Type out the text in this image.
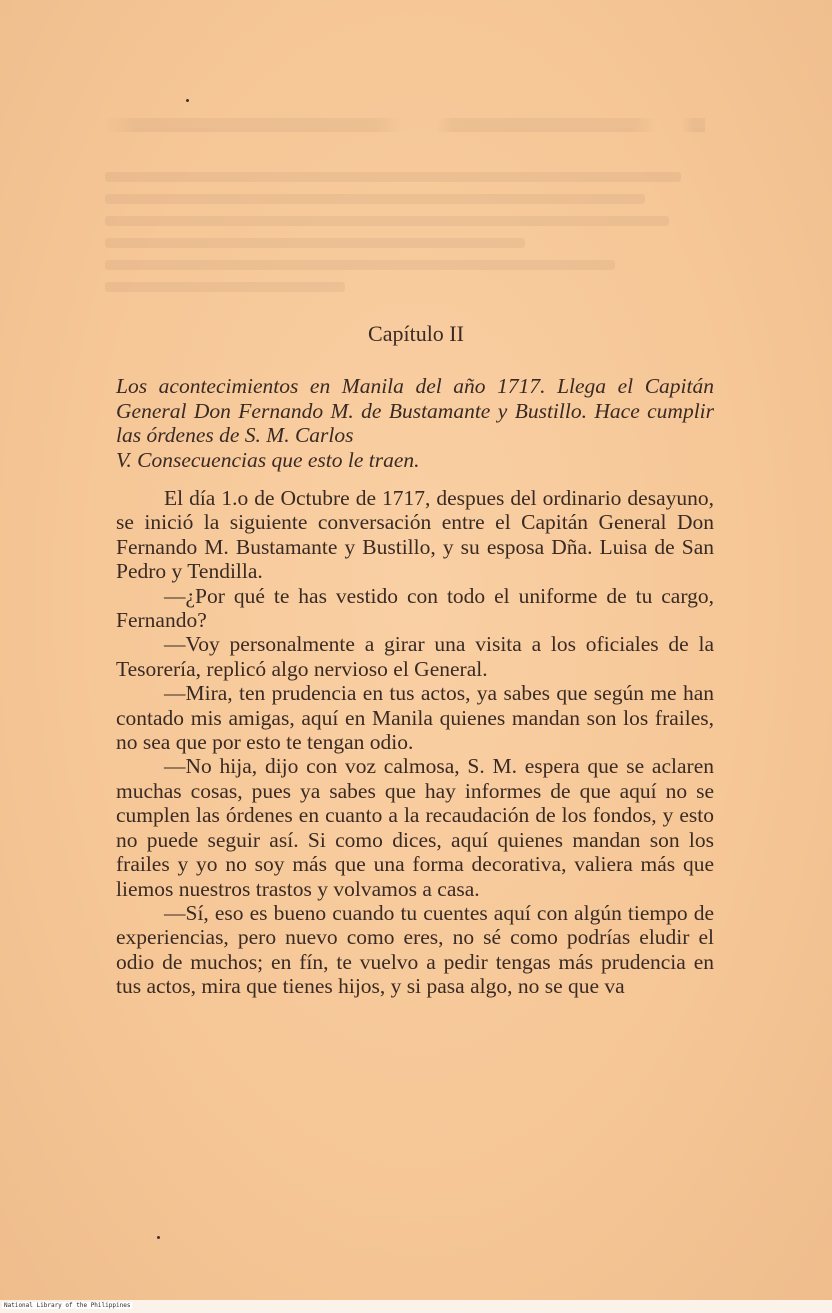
Capítulo II
Los acontecimientos en Manila del año 1717. Llega el Capitán General Don Fernando M. de Bustamante y Bustillo. Hace cumplir las órdenes de S. M. Carlos
V. Consecuencias que esto le traen.

El día 1.o de Octubre de 1717, despues del ordinario desayuno, se inició la siguiente conversación entre el Capitán General Don Fernando M. Bustamante y Bustillo, y su esposa Dña. Luisa de San Pedro y Tendilla.

—¿Por qué te has vestido con todo el uniforme de tu cargo, Fernando?

—Voy personalmente a girar una visita a los oficiales de la Tesorería, replicó algo nervioso el General.

—Mira, ten prudencia en tus actos, ya sabes que según me han contado mis amigas, aquí en Manila quienes mandan son los frailes, no sea que por esto te tengan odio.

—No hija, dijo con voz calmosa, S. M. espera que se aclaren muchas cosas, pues ya sabes que hay informes de que aquí no se cumplen las órdenes en cuanto a la recaudación de los fondos, y esto no puede seguir así. Si como dices, aquí quienes mandan son los frailes y yo no soy más que una forma decorativa, valiera más que liemos nuestros trastos y volvamos a casa.

—Sí, eso es bueno cuando tu cuentes aquí con algún tiempo de experiencias, pero nuevo como eres, no sé como podrías eludir el odio de muchos; en fín, te vuelvo a pedir tengas más prudencia en tus actos, mira que tienes hijos, y si pasa algo, no se que va

National Library of the Philippines
